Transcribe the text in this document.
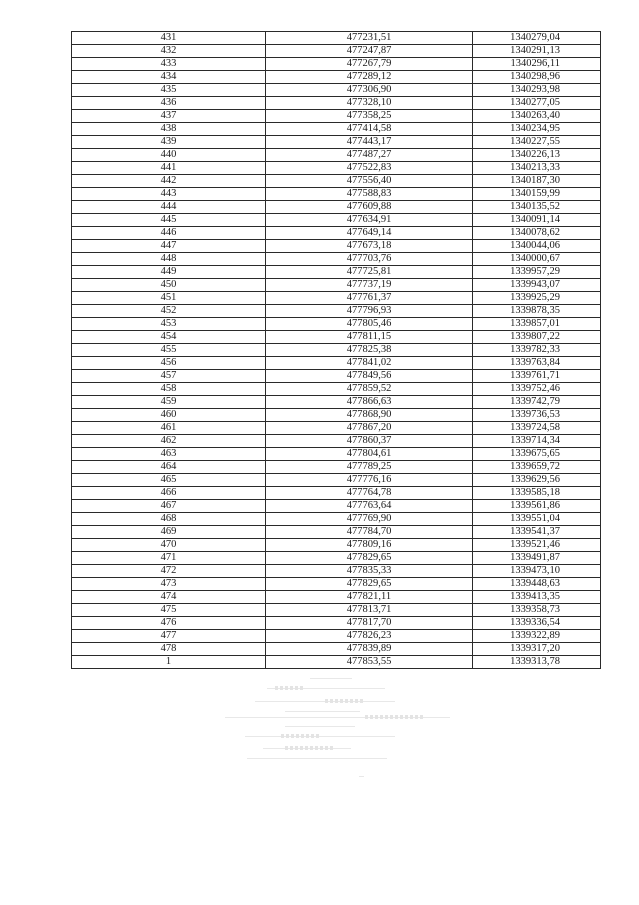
431	477231,51	1340279,04
432	477247,87	1340291,13
433	477267,79	1340296,11
434	477289,12	1340298,96
435	477306,90	1340293,98
436	477328,10	1340277,05
437	477358,25	1340263,40
438	477414,58	1340234,95
439	477443,17	1340227,55
440	477487,27	1340226,13
441	477522,83	1340213,33
442	477556,40	1340187,30
443	477588,83	1340159,99
444	477609,88	1340135,52
445	477634,91	1340091,14
446	477649,14	1340078,62
447	477673,18	1340044,06
448	477703,76	1340000,67
449	477725,81	1339957,29
450	477737,19	1339943,07
451	477761,37	1339925,29
452	477796,93	1339878,35
453	477805,46	1339857,01
454	477811,15	1339807,22
455	477825,38	1339782,33
456	477841,02	1339763,84
457	477849,56	1339761,71
458	477859,52	1339752,46
459	477866,63	1339742,79
460	477868,90	1339736,53
461	477867,20	1339724,58
462	477860,37	1339714,34
463	477804,61	1339675,65
464	477789,25	1339659,72
465	477776,16	1339629,56
466	477764,78	1339585,18
467	477763,64	1339561,86
468	477769,90	1339551,04
469	477784,70	1339541,37
470	477809,16	1339521,46
471	477829,65	1339491,87
472	477835,33	1339473,10
473	477829,65	1339448,63
474	477821,11	1339413,35
475	477813,71	1339358,73
476	477817,70	1339336,54
477	477826,23	1339322,89
478	477839,89	1339317,20
1	477853,55	1339313,78
